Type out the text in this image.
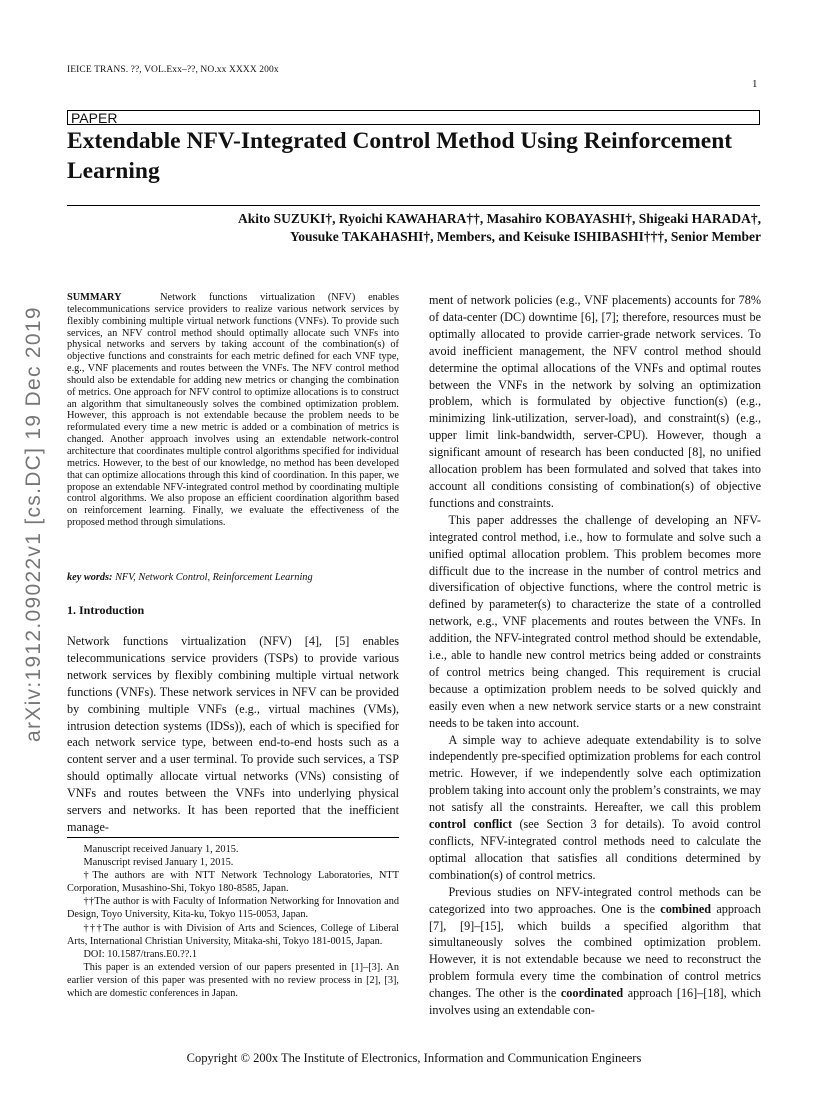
IEICE TRANS. ??, VOL.Exx–??, NO.xx XXXX 200x
1
arXiv:1912.09022v1 [cs.DC] 19 Dec 2019
PAPER
Extendable NFV-Integrated Control Method Using Reinforcement Learning
Akito SUZUKI†, Ryoichi KAWAHARA††, Masahiro KOBAYASHI†, Shigeaki HARADA†,
Yousuke TAKAHASHI†, Members, and Keisuke ISHIBASHI†††, Senior Member
SUMMARY	Network functions virtualization (NFV) enables telecommunications service providers to realize various network services by flexibly combining multiple virtual network functions (VNFs). To provide such services, an NFV control method should optimally allocate such VNFs into physical networks and servers by taking account of the combination(s) of objective functions and constraints for each metric defined for each VNF type, e.g., VNF placements and routes between the VNFs. The NFV control method should also be extendable for adding new metrics or changing the combination of metrics. One approach for NFV control to optimize allocations is to construct an algorithm that simultaneously solves the combined optimization problem. However, this approach is not extendable because the problem needs to be reformulated every time a new metric is added or a combination of metrics is changed. Another approach involves using an extendable network-control architecture that coordinates multiple control algorithms specified for individual metrics. However, to the best of our knowledge, no method has been developed that can optimize allocations through this kind of coordination. In this paper, we propose an extendable NFV-integrated control method by coordinating multiple control algorithms. We also propose an efficient coordination algorithm based on reinforcement learning. Finally, we evaluate the effectiveness of the proposed method through simulations.
key words: NFV, Network Control, Reinforcement Learning
1. Introduction
Network functions virtualization (NFV) [4], [5] enables telecommunications service providers (TSPs) to provide various network services by flexibly combining multiple virtual network functions (VNFs). These network services in NFV can be provided by combining multiple VNFs (e.g., virtual machines (VMs), intrusion detection systems (IDSs)), each of which is specified for each network service type, between end-to-end hosts such as a content server and a user terminal. To provide such services, a TSP should optimally allocate virtual networks (VNs) consisting of VNFs and routes between the VNFs into underlying physical servers and networks. It has been reported that the inefficient manage-

Manuscript received January 1, 2015.

Manuscript revised January 1, 2015.

†The authors are with NTT Network Technology Laboratories, NTT Corporation, Musashino-Shi, Tokyo 180-8585, Japan.

††The author is with Faculty of Information Networking for Innovation and Design, Toyo University, Kita-ku, Tokyo 115-0053, Japan.

†††The author is with Division of Arts and Sciences, College of Liberal Arts, International Christian University, Mitaka-shi, Tokyo 181-0015, Japan.

DOI: 10.1587/trans.E0.??.1

This paper is an extended version of our papers presented in [1]–[3]. An earlier version of this paper was presented with no review process in [2], [3], which are domestic conferences in Japan.

ment of network policies (e.g., VNF placements) accounts for 78% of data-center (DC) downtime [6], [7]; therefore, resources must be optimally allocated to provide carrier-grade network services. To avoid inefficient management, the NFV control method should determine the optimal allocations of the VNFs and optimal routes between the VNFs in the network by solving an optimization problem, which is formulated by objective function(s) (e.g., minimizing link-utilization, server-load), and constraint(s) (e.g., upper limit link-bandwidth, server-CPU). However, though a significant amount of research has been conducted [8], no unified allocation problem has been formulated and solved that takes into account all conditions consisting of combination(s) of objective functions and constraints.

This paper addresses the challenge of developing an NFV-integrated control method, i.e., how to formulate and solve such a unified optimal allocation problem. This problem becomes more difficult due to the increase in the number of control metrics and diversification of objective functions, where the control metric is defined by parameter(s) to characterize the state of a controlled network, e.g., VNF placements and routes between the VNFs. In addition, the NFV-integrated control method should be extendable, i.e., able to handle new control metrics being added or constraints of control metrics being changed. This requirement is crucial because a optimization problem needs to be solved quickly and easily even when a new network service starts or a new constraint needs to be taken into account.

A simple way to achieve adequate extendability is to solve independently pre-specified optimization problems for each control metric. However, if we independently solve each optimization problem taking into account only the problem’s constraints, we may not satisfy all the constraints. Hereafter, we call this problem control conflict (see Section 3 for details). To avoid control conflicts, NFV-integrated control methods need to calculate the optimal allocation that satisfies all conditions determined by combination(s) of control metrics.

Previous studies on NFV-integrated control methods can be categorized into two approaches. One is the combined approach [7], [9]–[15], which builds a specified algorithm that simultaneously solves the combined optimization problem. However, it is not extendable because we need to reconstruct the problem formula every time the combination of control metrics changes. The other is the coordinated approach [16]–[18], which involves using an extendable con-

Copyright © 200x The Institute of Electronics, Information and Communication Engineers
